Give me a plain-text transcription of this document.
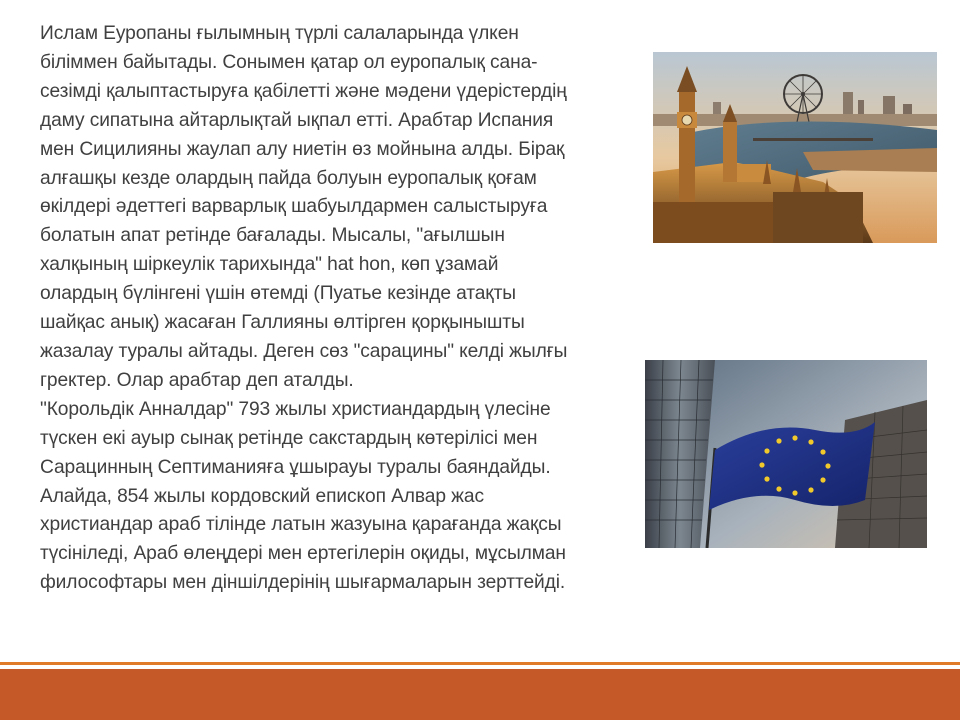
Ислам Еуропаны ғылымның түрлі салаларында үлкен
біліммен байытады. Сонымен қатар ол еуропалық сана-
сезімді қалыптастыруға қабілетті және мәдени үдерістердің
даму сипатына айтарлықтай ықпал етті. Арабтар Испания
мен Сицилияны жаулап алу ниетін өз мойнына алды. Бірақ
алғашқы кезде олардың пайда болуын еуропалық қоғам
өкілдері әдеттегі варварлық шабуылдармен салыстыруға
болатын апат ретінде бағалады. Мысалы, "ағылшын
халқының шіркеулік тарихында" hat hon, көп ұзамай
олардың бүлінгені үшін өтемді (Пуатье кезінде атақты
шайқас анық) жасаған Галлияны өлтірген қорқынышты
жазалау туралы айтады. Деген сөз "сарацины" келді жылғы
гректер. Олар арабтар деп аталды.
"Корольдік Анналдар" 793 жылы христиандардың үлесіне
түскен екі ауыр сынақ ретінде сакстардың көтерілісі мен
Сарацинның Септиманияға ұшырауы туралы баяндайды.
Алайда, 854 жылы кордовский епископ Алвар жас
христиандар араб тілінде латын жазуына қарағанда жақсы
түсініледі, Араб өлеңдері мен ертегілерін оқиды, мұсылман
философтары мен діншілдерінің шығармаларын зерттейді.
